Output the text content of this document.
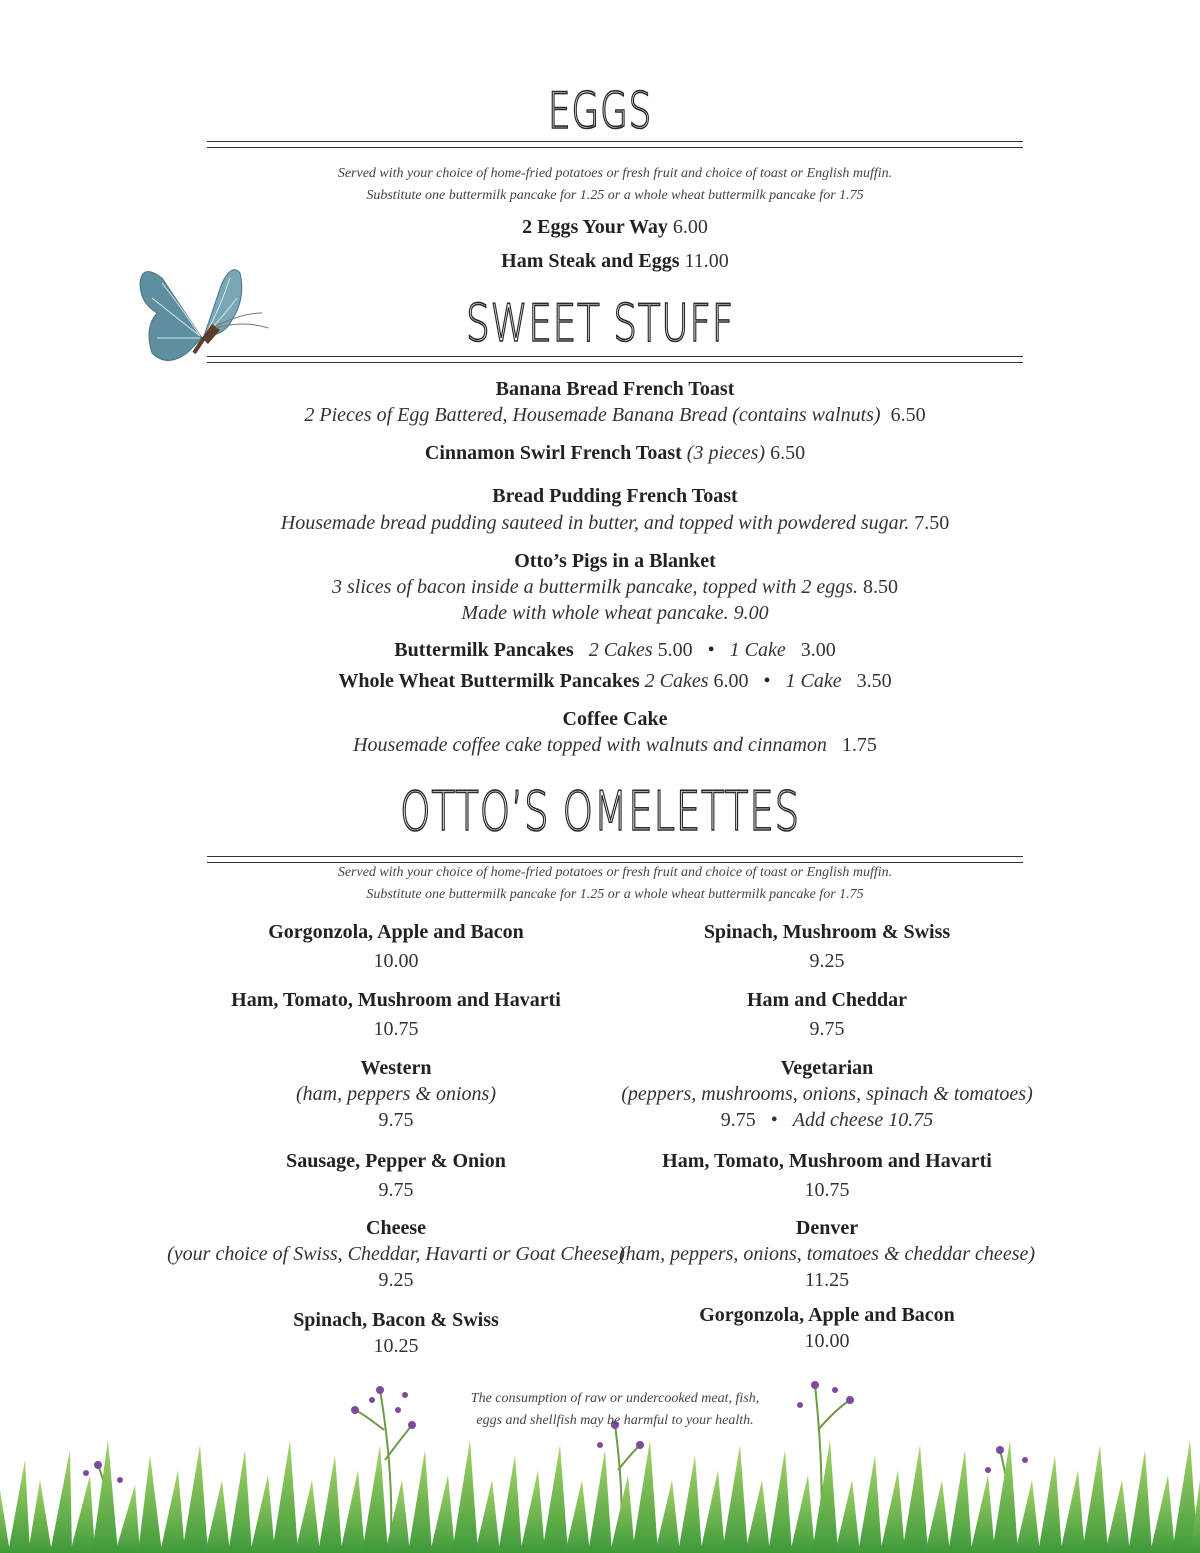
EGGS
Served with your choice of home-fried potatoes or fresh fruit and choice of toast or English muffin.
Substitute one buttermilk pancake for 1.25 or a whole wheat buttermilk pancake for 1.75
2 Eggs Your Way 6.00
Ham Steak and Eggs 11.00
SWEET STUFF
Banana Bread French Toast
2 Pieces of Egg Battered, Housemade Banana Bread (contains walnuts) 6.50
Cinnamon Swirl French Toast (3 pieces) 6.50
Bread Pudding French Toast
Housemade bread pudding sauteed in butter, and topped with powdered sugar. 7.50
Otto’s Pigs in a Blanket
3 slices of bacon inside a buttermilk pancake, topped with 2 eggs. 8.50
Made with whole wheat pancake. 9.00
Buttermilk Pancakes 2 Cakes 5.00 • 1 Cake 3.00
Whole Wheat Buttermilk Pancakes 2 Cakes 6.00 • 1 Cake 3.50
Coffee Cake
Housemade coffee cake topped with walnuts and cinnamon 1.75
OTTO’S OMELETTES
Served with your choice of home-fried potatoes or fresh fruit and choice of toast or English muffin.
Substitute one buttermilk pancake for 1.25 or a whole wheat buttermilk pancake for 1.75
Gorgonzola, Apple and Bacon
10.00
Ham, Tomato, Mushroom and Havarti
10.75
Western
(ham, peppers & onions)
9.75
Sausage, Pepper & Onion
9.75
Cheese
(your choice of Swiss, Cheddar, Havarti or Goat Cheese)
9.25
Spinach, Bacon & Swiss
10.25
Spinach, Mushroom & Swiss
9.25
Ham and Cheddar
9.75
Vegetarian
(peppers, mushrooms, onions, spinach & tomatoes)
9.75 • Add cheese 10.75
Ham, Tomato, Mushroom and Havarti
10.75
Denver
(ham, peppers, onions, tomatoes & cheddar cheese)
11.25
Gorgonzola, Apple and Bacon
10.00
The consumption of raw or undercooked meat, fish,
eggs and shellfish may be harmful to your health.
